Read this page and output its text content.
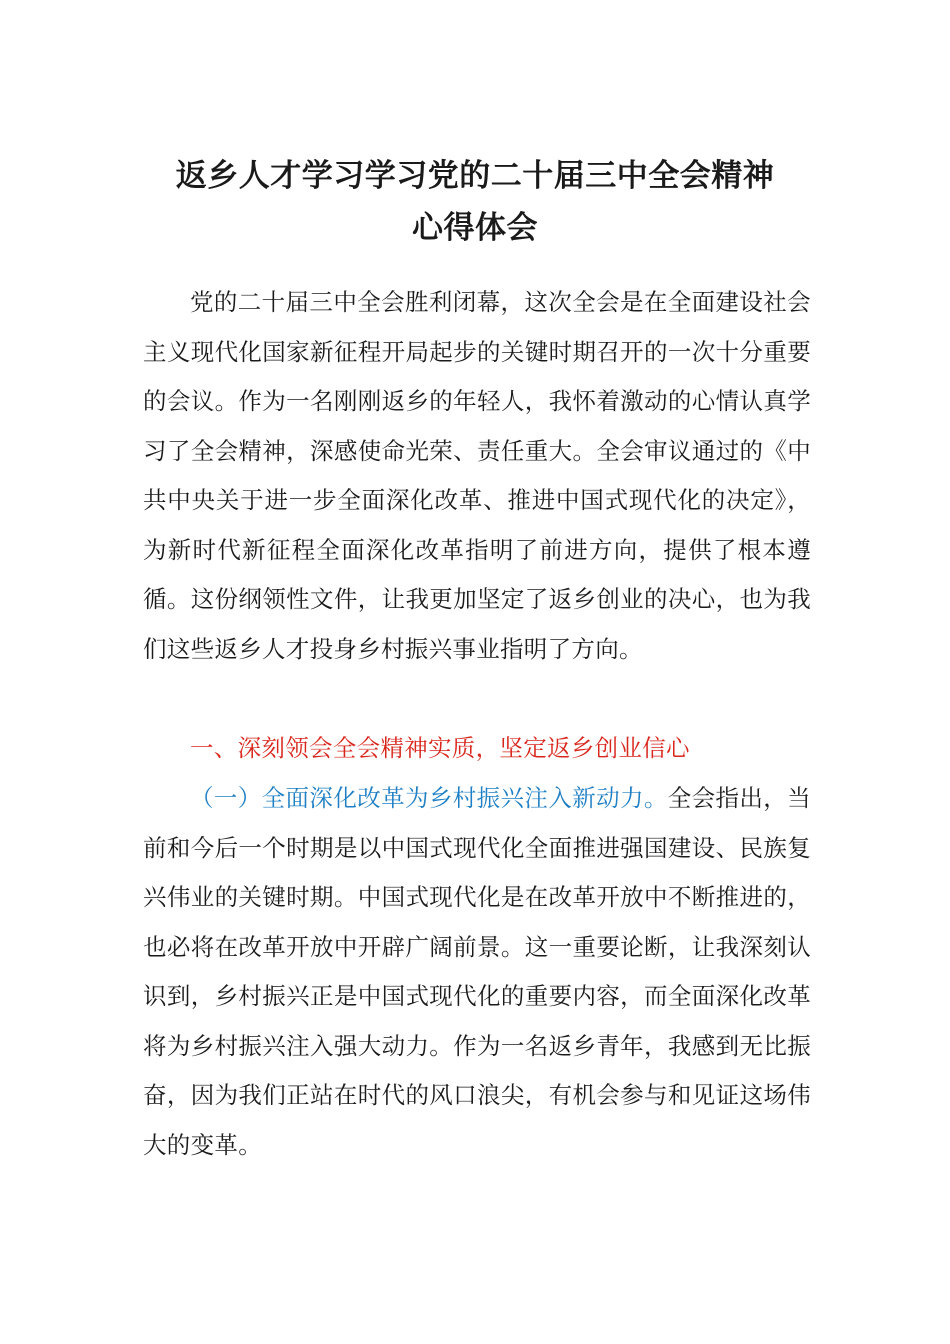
返乡人才学习学习党的二十届三中全会精神
心得体会
党的二十届三中全会胜利闭幕，这次全会是在全面建设社会主义现代化国家新征程开局起步的关键时期召开的一次十分重要的会议。作为一名刚刚返乡的年轻人，我怀着激动的心情认真学习了全会精神，深感使命光荣、责任重大。全会审议通过的《中共中央关于进一步全面深化改革、推进中国式现代化的决定》，为新时代新征程全面深化改革指明了前进方向，提供了根本遵循。这份纲领性文件，让我更加坚定了返乡创业的决心，也为我们这些返乡人才投身乡村振兴事业指明了方向。
一、深刻领会全会精神实质，坚定返乡创业信心
（一）全面深化改革为乡村振兴注入新动力。全会指出，当前和今后一个时期是以中国式现代化全面推进强国建设、民族复兴伟业的关键时期。中国式现代化是在改革开放中不断推进的，也必将在改革开放中开辟广阔前景。这一重要论断，让我深刻认识到，乡村振兴正是中国式现代化的重要内容，而全面深化改革将为乡村振兴注入强大动力。作为一名返乡青年，我感到无比振奋，因为我们正站在时代的风口浪尖，有机会参与和见证这场伟大的变革。
